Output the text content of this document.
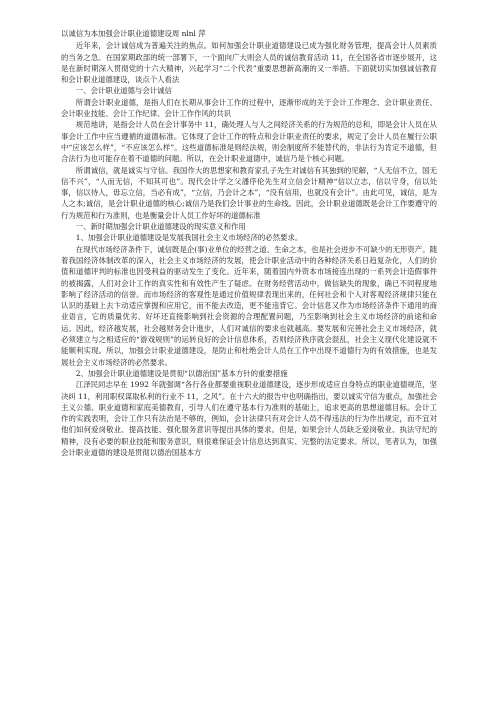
以诚信为本加强会计职业道德建设周 nlnl 萍

近年来，会计诚信成为普遍关注的焦点。如何加强会计职业道德建设已成为强化财务管理，提高会计人员素质的当务之急。在国家期政部的统一部署下，一个面向广大则会人员的诚信教育活动 11，在全国各省市逐步展开，这是在新时期深入贯彻党的十六大精神，兴起学习“二个代表”重要思想新高潮的又一举措。下面就切实加强诚信教育和会计职业道德建设，谈点个人看法

一、会计职业道德与会计诚信

所谓会计职业道德，是指人们在长期从事会计工作的过程中，逐渐形成的关于会计工作理念、会计职业责任、会计职业技能、会计工作纪律、会计工作作风的共识

规范地讲，是指会计人员在会计事务中 11，确处理人与人之间经济关系的行为规范的总和，即是会计人员在从事会计工作中应当遵循的道德标准。它体现了会计工作的特点和会计职业责任的要求，规定了会计人员在履行公职中“应该怎么样”，“不应该怎么样”。这些道德标准是则经法规，则会制度所不能替代的，非法行为肯定不道德，但合法行为也可能存在着不道德的问题。所以，在会计职业道德中，诚信乃是个核心问题。

所谓诚信，就是诚实与守信。我国作大的思想家和教育家孔子先生对诚信有其独到的见解，“人无信不立，国无信不兴”，“人而无信，不知其可也”。现代会计学之父潘序伦先生对立信会计精神“信以立志，信以守身，信以处事，信以待人，毋忘立信，当必有成”，“立信，乃会计之本”，“没有信用，也就没有会计”。由此可见，诚信，是为人之本;诚信，是会计职业道德的核心;诚信乃是我们会计事业的生命线。因此，会计职业道德既是会计工作要遵守的行为规范和行为准则，也是衡量会计人员工作好坏的道德标准

一、新时期加强会计职业道德建设的现实意义和作用

1、加强会计职业道德建设是发展我国社会主义市场经济的必然要求。

在现代市场经济条件下，诚信既是企(事)业单位的经营之道、生命之本，也是社会进步不可缺少的无形资产。随着我国经济体制改革的深入，社会主义市场经济的发展，使会计职业活动中的各种经济关系日趋复杂化，人们的价值和道德评判的标准也因受利益的驱动发生了变化。近年来，随着国内外资本市场接连出现的一系列会计造假事件的被揭露，人们对会计工作的真实性和有效性产生了疑虑。在财务经营活动中，做信缺失的现象，确已不同程度地影响了经济活动的信誉。而市场经济的客观性是通过价值规律表现出来的，任何社会和个人对客观经济规律只能在认识的基础上去卞动适应掌握和应用它，而不能去改造，更不能违背它。会计信息又作为市场经济条件下通用的商业语言，它的质量优劣、好坏还直接影响到社会资源的合理配置问题，乃至影响到社会主义市场经济的前途和命运。因此，经济越发展，社会越财务会计進步，人们对诚信的要求也就越高。要发展和完善社会主义市场经济，就必须建立与之相适应的“游戏规则”的运转良好的会计信息体系，否则经济秩序就会混乱，社会主义现代化建设就不能顺利实现。所以，加强会计职业道德建设，是防止和杜绝会计人员在工作中出现不道德行为的有效措施，也是发展社会主义市场经济的必然要求。

2、加强会计职业道德建设是贯彻“以德治国”基本方针的重要措施

江泽民同志早在 1992 年就强调“各行各业都要重视职业道德建设，逐步形成适应自身特点的职业道德规范，坚决纠 11，利用职权谋取私利的行业不 11，之风”。在十六大的报告中也明确指出，要以诚实守信为重点，加强社会主义公德、职业道德和家庭美德教育，引导人们在遵守基本行为准则的基础上，追求更高的思想道德目标。会计工作的实践表明，会计工作只有法治是不够的，例如，会计法律只有对会计人员不得违法的行为作出规定，而不宜对他们如何爱岗敬业、提高技能、强化服务意识等提出具体的要求。但是，如果会计人员缺乏爱岗敬业、执法守纪的精神，没有必要的职业技能和服务意识，则很难保证会计信息达到真实、完整的法定要求。所以，笔者认为，加强会计职业道德的建设是贯彻以德治国基本方
